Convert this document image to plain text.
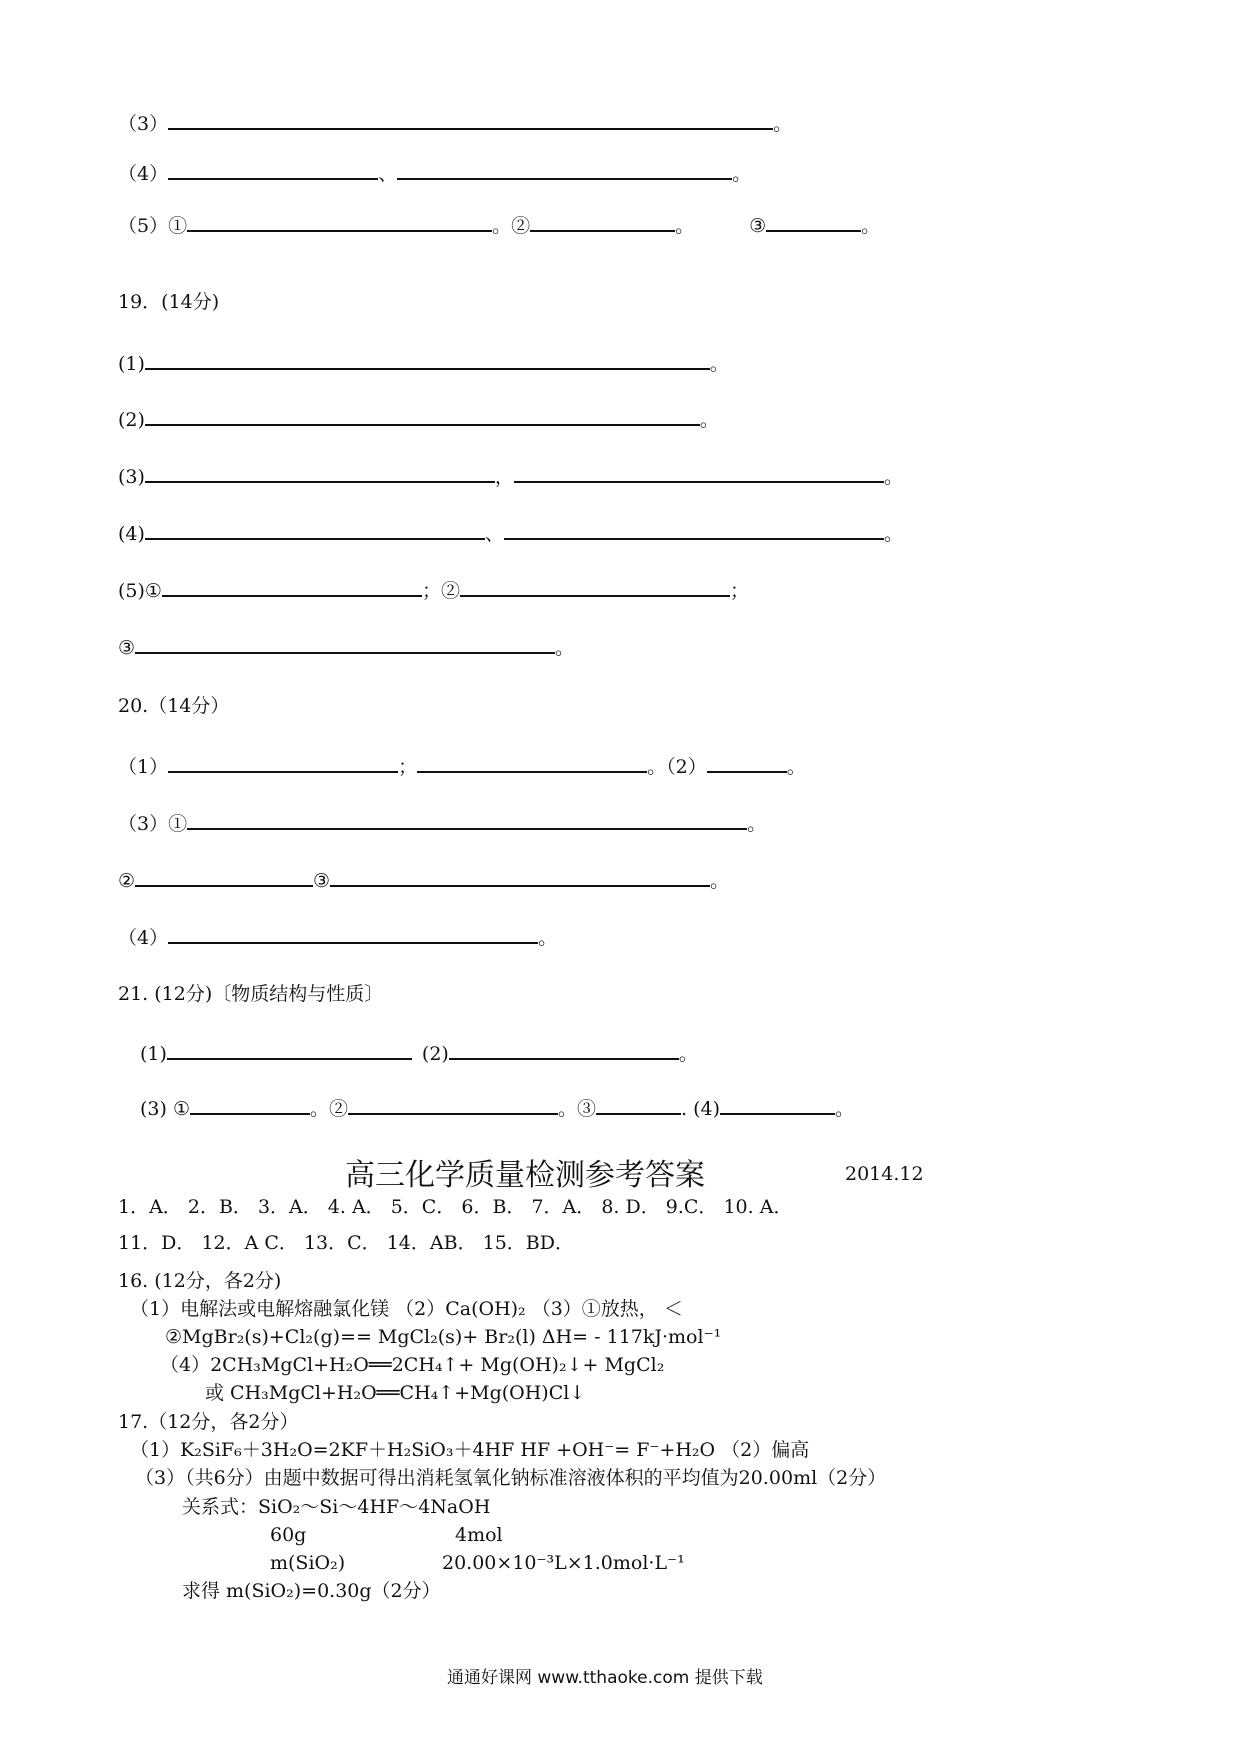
（3）	。
（4）	、	。
（5）①	。②	。	③	。
19．(14分)
(1)	。
(2)	。
(3)	，	。
(4)	、	。
(5)①	；②	；
③	。
20.（14分）
（1）	；	。（2）	。
（3）①	。
②	③	。
（4）	。
21. (12分)〔物质结构与性质〕
(1)	(2)	。
(3) ①	。②	。③	. (4)	。
高三化学质量检测参考答案	2014.12
1．A． 2．B． 3．A． 4. A． 5．C． 6．B． 7．A． 8. D． 9.C． 10. A．
11．D． 12．A C． 13．C． 14．AB． 15．BD．
16. (12分，各2分)
（1）电解法或电解熔融氯化镁 （2）Ca(OH)₂ （3）①放热， ＜
②MgBr₂(s)+Cl₂(g)== MgCl₂(s)+ Br₂(l) ΔH= - 117kJ·mol⁻¹
（4）2CH₃MgCl+H₂O══2CH₄↑+ Mg(OH)₂↓+ MgCl₂
或 CH₃MgCl+H₂O══CH₄↑+Mg(OH)Cl↓
17.（12分，各2分）
（1）K₂SiF₆＋3H₂O=2KF＋H₂SiO₃＋4HF HF +OH⁻= F⁻+H₂O （2）偏高
（3）（共6分）由题中数据可得出消耗氢氧化钠标准溶液体积的平均值为20.00ml（2分）
关系式：SiO₂～Si～4HF～4NaOH
60g	4mol
m(SiO₂)	20.00×10⁻³L×1.0mol·L⁻¹
求得 m(SiO₂)=0.30g（2分）
通通好课网 www.tthaoke.com 提供下载
